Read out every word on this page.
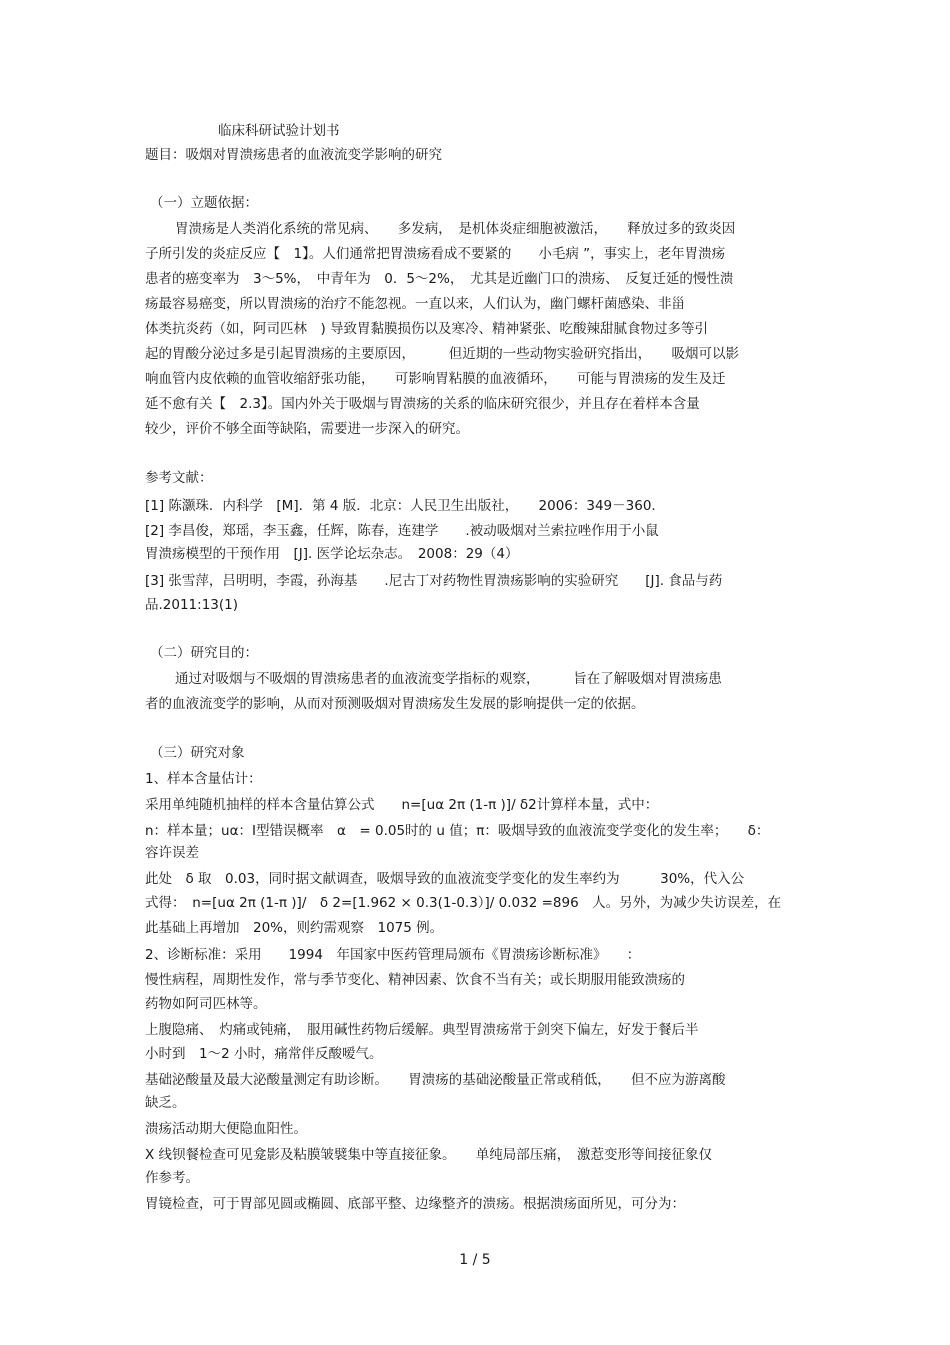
临床科研试验计划书
题目：吸烟对胃溃疡患者的血液流变学影响的研究
（一）立题依据：
胃溃疡是人类消化系统的常见病、　　多发病，　是机体炎症细胞被激活，　　释放过多的致炎因
子所引发的炎症反应【　1】。人们通常把胃溃疡看成不要紧的　　小毛病 ”，事实上，老年胃溃疡
患者的癌变率为　3～5%，　中青年为　0．5～2%，　尤其是近幽门口的溃疡、　反复迁延的慢性溃
疡最容易癌变，所以胃溃疡的治疗不能忽视。一直以来，人们认为，幽门螺杆菌感染、非甾
体类抗炎药（如，阿司匹林　) 导致胃黏膜损伤以及寒冷、精神紧张、吃酸辣甜腻食物过多等引
起的胃酸分泌过多是引起胃溃疡的主要原因，　　　但近期的一些动物实验研究指出，　　吸烟可以影
响血管内皮依赖的血管收缩舒张功能，　　可影响胃粘膜的血液循环，　　可能与胃溃疡的发生及迁
延不愈有关【　2.3】。国内外关于吸烟与胃溃疡的关系的临床研究很少，并且存在着样本含量
较少，评价不够全面等缺陷，需要进一步深入的研究。
参考文献：
[1] 陈灏珠．内科学　[M]．第 4 版．北京：人民卫生出版社，　　2006：349－360.
[2] 李昌俊，郑瑶，李玉鑫，任辉，陈春，连建学　　.被动吸烟对兰索拉唑作用于小鼠
胃溃疡模型的干预作用　[J]. 医学论坛杂志。　2008：29（4）
[3] 张雪萍，吕明明，李霞，孙海基　　.尼古丁对药物性胃溃疡影响的实验研究　　[J]. 食品与药
品.2011:13(1)
（二）研究目的：
通过对吸烟与不吸烟的胃溃疡患者的血液流变学指标的观察，　　　旨在了解吸烟对胃溃疡患
者的血液流变学的影响，从而对预测吸烟对胃溃疡发生发展的影响提供一定的依据。
（三）研究对象
1、样本含量估计：
采用单纯随机抽样的样本含量估算公式　　n=[uα 2π (1-π )]/ δ2计算样本量，式中：
n：样本量；uα：Ⅰ型错误概率　α　= 0.05时的 u 值；π：吸烟导致的血液流变学变化的发生率；　　δ：
容许误差
此处　δ 取　0.03，同时据文献调查，吸烟导致的血液流变学变化的发生率约为　　　30%，代入公
式得：　n=[uα 2π (1-π )]/　δ 2=[1.962 × 0.3(1-0.3）]/ 0.032 =896　人。另外，为减少失访误差，在
此基础上再增加　20%，则约需观察　1075 例。
2、诊断标准：采用　　1994　年国家中医药管理局颁布《胃溃疡诊断标准》　　：
慢性病程，周期性发作，常与季节变化、精神因素、饮食不当有关；或长期服用能致溃疡的
药物如阿司匹林等。
上腹隐痛、　灼痛或钝痛，　服用碱性药物后缓解。典型胃溃疡常于剑突下偏左，好发于餐后半
小时到　1～2 小时，痛常伴反酸嗳气。
基础泌酸量及最大泌酸量测定有助诊断。　　胃溃疡的基础泌酸量正常或稍低，　　但不应为游离酸
缺乏。
溃疡活动期大便隐血阳性。
X 线钡餐检查可见龛影及粘膜皱襞集中等直接征象。　　单纯局部压痛，　激惹变形等间接征象仅
作参考。
胃镜检查，可于胃部见圆或椭圆、底部平整、边缘整齐的溃疡。根据溃疡面所见，可分为：
1 / 5
